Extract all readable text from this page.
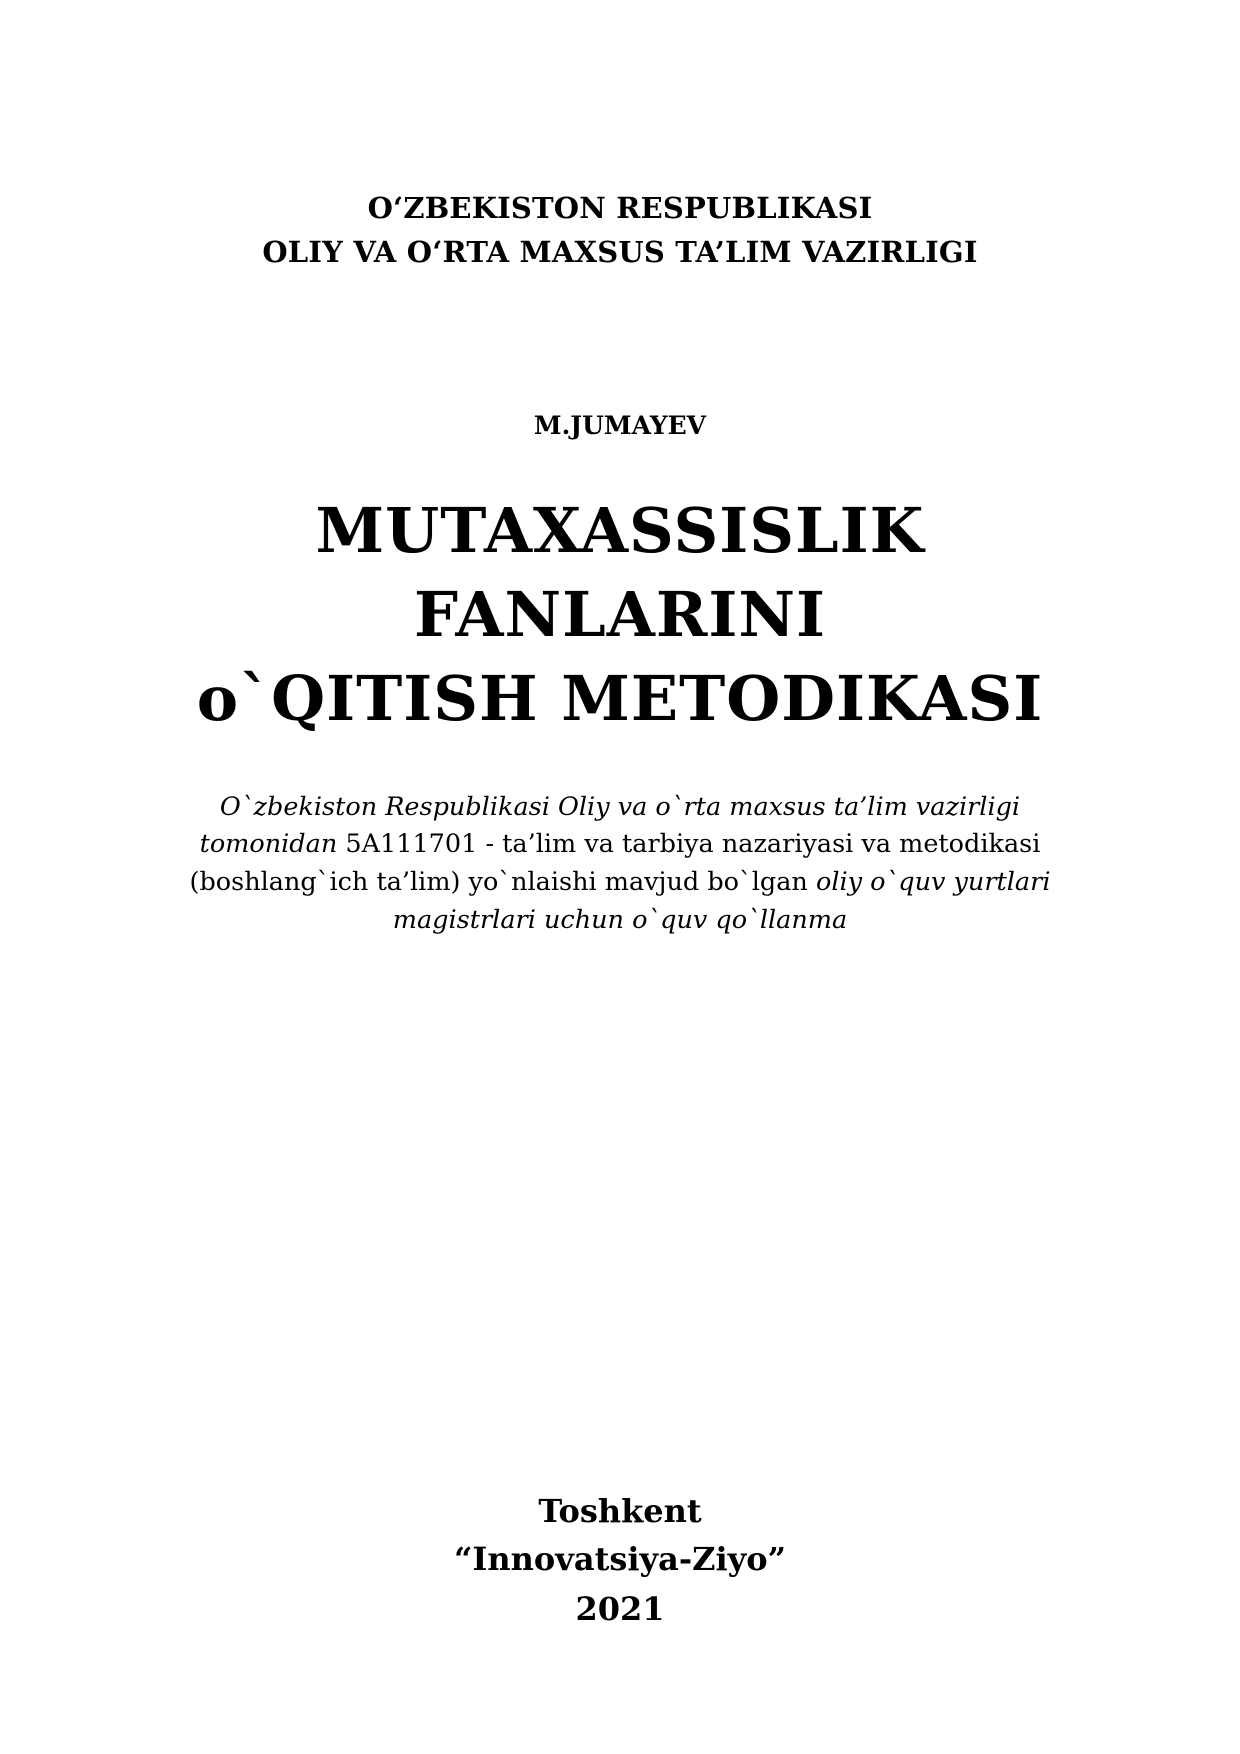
O‘ZBEKISTON RESPUBLIKASI
OLIY VA O‘RTA MAXSUS TA’LIM VAZIRLIGI
M.JUMAYEV
MUTAXASSISLIK
FANLARINI
o`QITISH METODIKASI
O`zbekiston Respublikasi Oliy va o`rta maxsus ta’lim vazirligi
tomonidan 5A111701 - ta’lim va tarbiya nazariyasi va metodikasi
(boshlang`ich ta’lim) yo`nlaishi mavjud bo`lgan oliy o`quv yurtlari
magistrlari uchun o`quv qo`llanma
Toshkent
“Innovatsiya-Ziyo”
2021
